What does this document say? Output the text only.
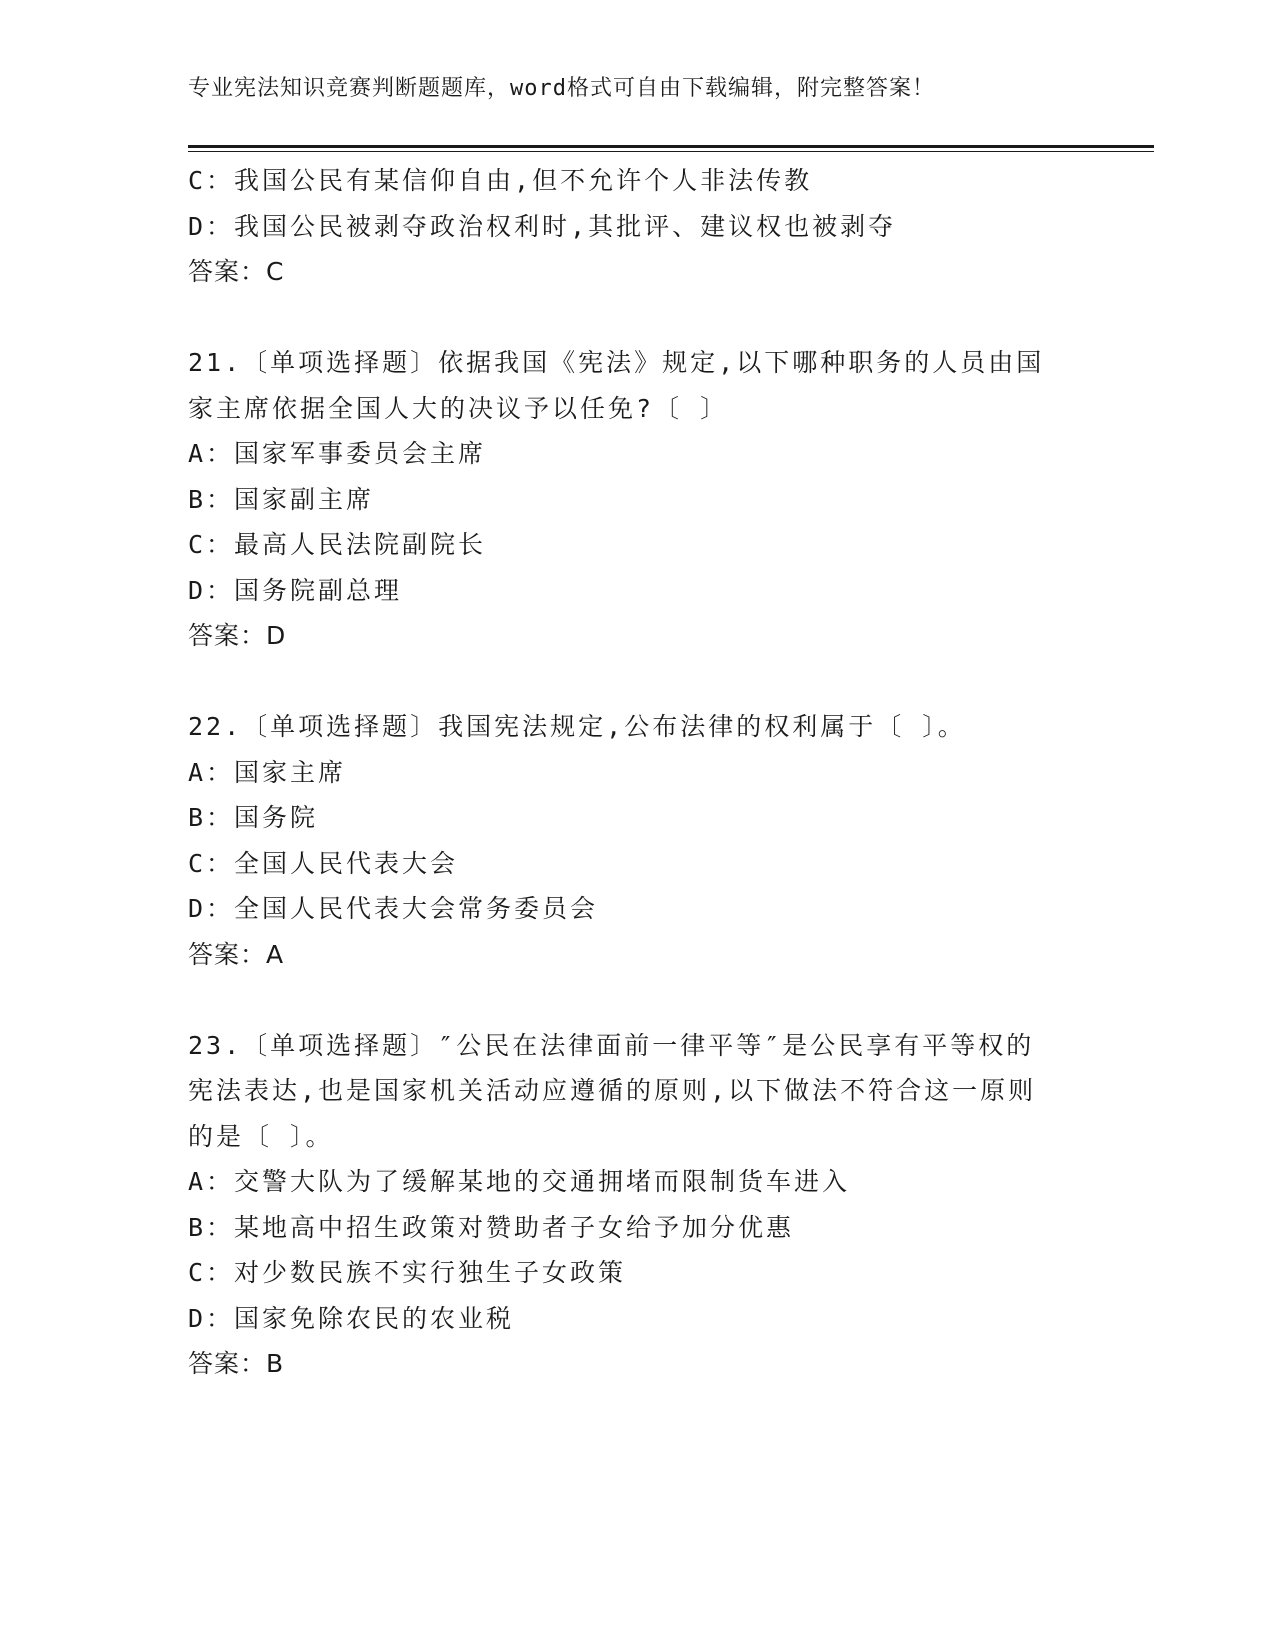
专业宪法知识竞赛判断题题库，word格式可自由下载编辑，附完整答案！
C：我国公民有某信仰自由,但不允许个人非法传教
D：我国公民被剥夺政治权利时,其批评、建议权也被剥夺
答案：C
21.〔单项选择题〕依据我国《宪法》规定,以下哪种职务的人员由国
家主席依据全国人大的决议予以任免?〔 〕
A：国家军事委员会主席
B：国家副主席
C：最高人民法院副院长
D：国务院副总理
答案：D
22.〔单项选择题〕我国宪法规定,公布法律的权利属于〔 〕。
A：国家主席
B：国务院
C：全国人民代表大会
D：全国人民代表大会常务委员会
答案：A
23.〔单项选择题〕″公民在法律面前一律平等″是公民享有平等权的
宪法表达,也是国家机关活动应遵循的原则,以下做法不符合这一原则
的是〔 〕。
A：交警大队为了缓解某地的交通拥堵而限制货车进入
B：某地高中招生政策对赞助者子女给予加分优惠
C：对少数民族不实行独生子女政策
D：国家免除农民的农业税
答案：B
